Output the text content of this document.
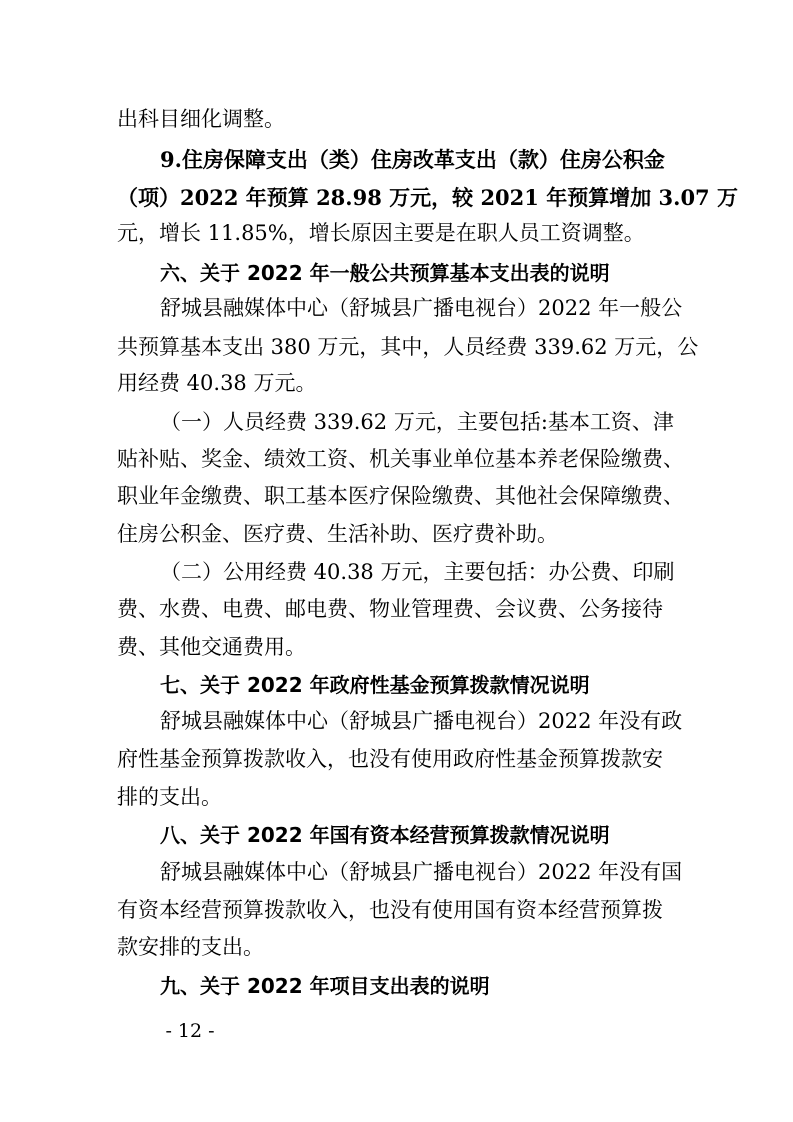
出科目细化调整。
9.住房保障支出（类）住房改革支出（款）住房公积金
（项）2022 年预算 28.98 万元，较 2021 年预算增加 3.07 万
元，增长 11.85%，增长原因主要是在职人员工资调整。
六、关于 2022 年一般公共预算基本支出表的说明
舒城县融媒体中心（舒城县广播电视台）2022 年一般公
共预算基本支出 380 万元，其中，人员经费 339.62 万元，公
用经费 40.38 万元。
（一）人员经费 339.62 万元，主要包括:基本工资、津
贴补贴、奖金、绩效工资、机关事业单位基本养老保险缴费、
职业年金缴费、职工基本医疗保险缴费、其他社会保障缴费、
住房公积金、医疗费、生活补助、医疗费补助。
（二）公用经费 40.38 万元，主要包括：办公费、印刷
费、水费、电费、邮电费、物业管理费、会议费、公务接待
费、其他交通费用。
七、关于 2022 年政府性基金预算拨款情况说明
舒城县融媒体中心（舒城县广播电视台）2022 年没有政
府性基金预算拨款收入，也没有使用政府性基金预算拨款安
排的支出。
八、关于 2022 年国有资本经营预算拨款情况说明
舒城县融媒体中心（舒城县广播电视台）2022 年没有国
有资本经营预算拨款收入，也没有使用国有资本经营预算拨
款安排的支出。
九、关于 2022 年项目支出表的说明
- 12 -
